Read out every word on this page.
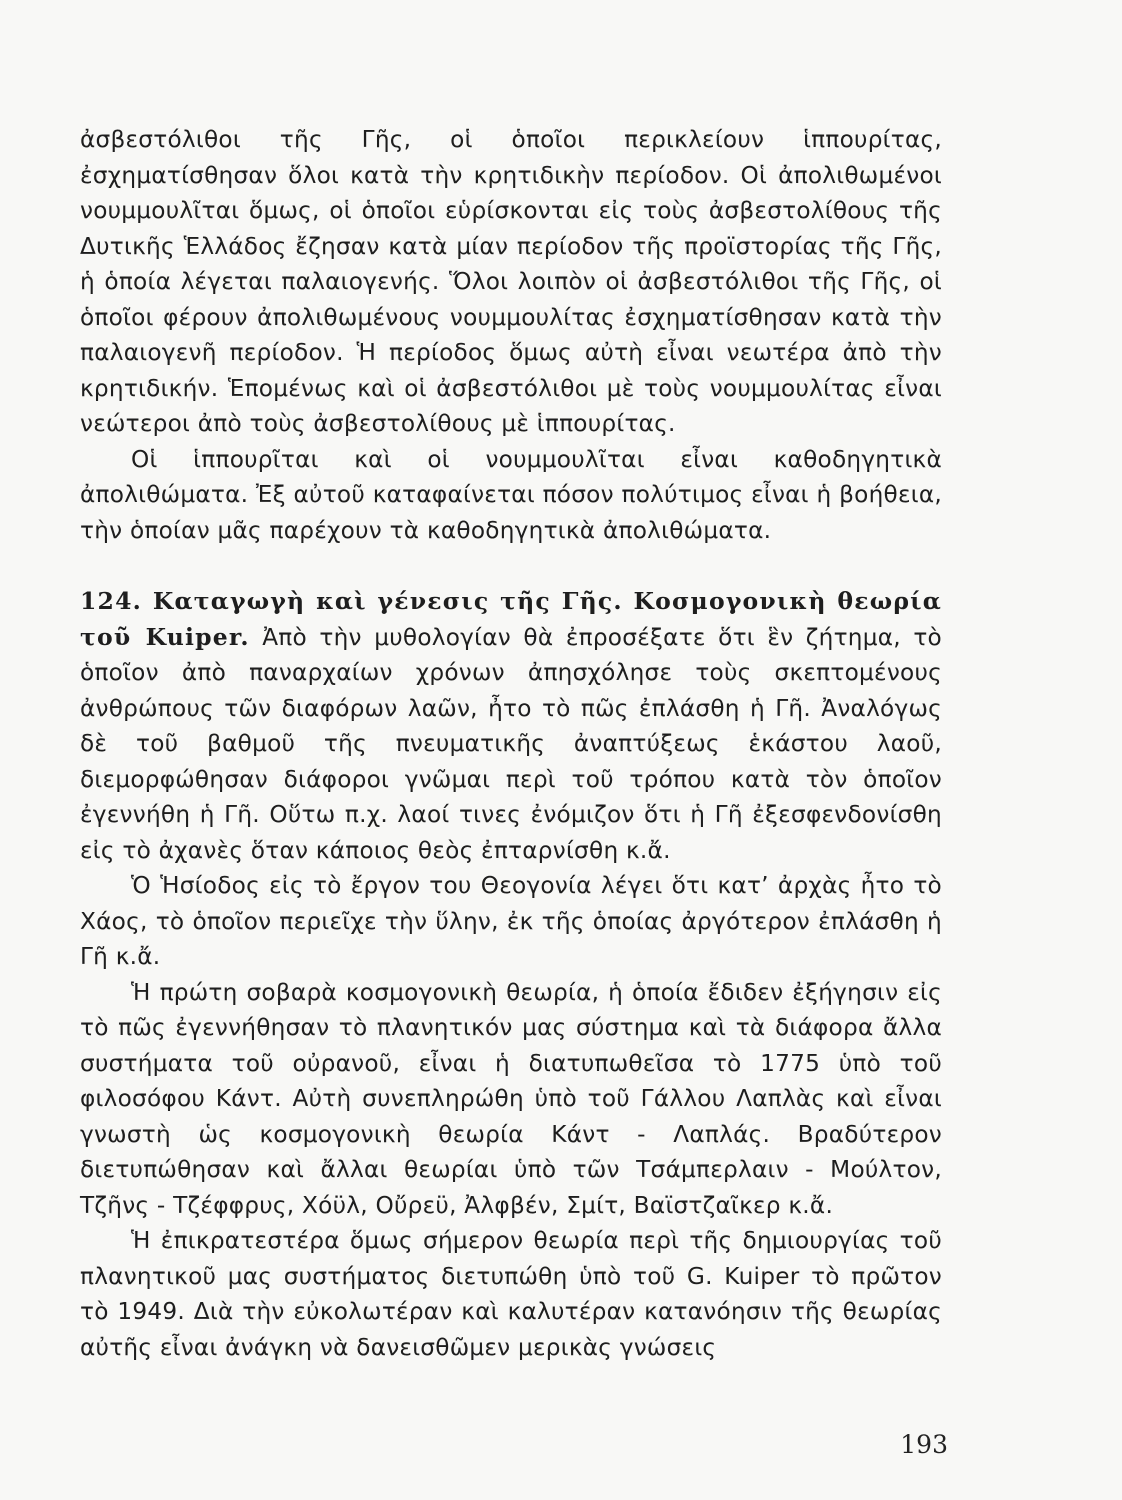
ἀσβεστόλιθοι τῆς Γῆς, οἱ ὁποῖοι περικλείουν ἱππουρίτας, ἐσχηματίσθησαν ὅλοι κατὰ τὴν κρητιδικὴν περίοδον. Οἱ ἀπολιθωμένοι νουμμουλῖται ὅμως, οἱ ὁποῖοι εὑρίσκονται εἰς τοὺς ἀσβεστολίθους τῆς Δυτικῆς Ἑλλάδος ἔζησαν κατὰ μίαν περίοδον τῆς προϊστορίας τῆς Γῆς, ἡ ὁποία λέγεται παλαιογενής. Ὅλοι λοιπὸν οἱ ἀσβεστόλιθοι τῆς Γῆς, οἱ ὁποῖοι φέρουν ἀπολιθωμένους νουμμουλίτας ἐσχηματίσθησαν κατὰ τὴν παλαιογενῆ περίοδον. Ἡ περίοδος ὅμως αὐτὴ εἶναι νεωτέρα ἀπὸ τὴν κρητιδικήν. Ἑπομένως καὶ οἱ ἀσβεστόλιθοι μὲ τοὺς νουμμουλίτας εἶναι νεώτεροι ἀπὸ τοὺς ἀσβεστολίθους μὲ ἱππουρίτας.

Οἱ ἱππουρῖται καὶ οἱ νουμμουλῖται εἶναι καθοδηγητικὰ ἀπολιθώματα. Ἐξ αὐτοῦ καταφαίνεται πόσον πολύτιμος εἶναι ἡ βοήθεια, τὴν ὁποίαν μᾶς παρέχουν τὰ καθοδηγητικὰ ἀπολιθώματα.

124. Καταγωγὴ καὶ γένεσις τῆς Γῆς. Κοσμογονικὴ θεωρία τοῦ Kuiper. Ἀπὸ τὴν μυθολογίαν θὰ ἐπροσέξατε ὅτι ἓν ζήτημα, τὸ ὁποῖον ἀπὸ παναρχαίων χρόνων ἀπησχόλησε τοὺς σκεπτομένους ἀνθρώπους τῶν διαφόρων λαῶν, ἦτο τὸ πῶς ἐπλάσθη ἡ Γῆ. Ἀναλόγως δὲ τοῦ βαθμοῦ τῆς πνευματικῆς ἀναπτύξεως ἑκάστου λαοῦ, διεμορφώθησαν διάφοροι γνῶμαι περὶ τοῦ τρόπου κατὰ τὸν ὁποῖον ἐγεννήθη ἡ Γῆ. Οὕτω π.χ. λαοί τινες ἐνόμιζον ὅτι ἡ Γῆ ἐξεσφενδονίσθη εἰς τὸ ἀχανὲς ὅταν κάποιος θεὸς ἐπταρνίσθη κ.ἄ.

Ὁ Ἡσίοδος εἰς τὸ ἔργον του Θεογονία λέγει ὅτι κατ’ ἀρχὰς ἦτο τὸ Χάος, τὸ ὁποῖον περιεῖχε τὴν ὕλην, ἐκ τῆς ὁποίας ἀργότερον ἐπλάσθη ἡ Γῆ κ.ἄ.

Ἡ πρώτη σοβαρὰ κοσμογονικὴ θεωρία, ἡ ὁποία ἔδιδεν ἐξήγησιν εἰς τὸ πῶς ἐγεννήθησαν τὸ πλανητικόν μας σύστημα καὶ τὰ διάφορα ἄλλα συστήματα τοῦ οὐρανοῦ, εἶναι ἡ διατυπωθεῖσα τὸ 1775 ὑπὸ τοῦ φιλοσόφου Κάντ. Αὐτὴ συνεπληρώθη ὑπὸ τοῦ Γάλλου Λαπλὰς καὶ εἶναι γνωστὴ ὡς κοσμογονικὴ θεωρία Κάντ - Λαπλάς. Βραδύτερον διετυπώθησαν καὶ ἄλλαι θεωρίαι ὑπὸ τῶν Τσάμπερλαιν - Μούλτον, Τζῆνς - Τζέφφρυς, Χόϋλ, Οὔρεϋ, Ἀλφβέν, Σμίτ, Βαϊστζαῖκερ κ.ἄ.

Ἡ ἐπικρατεστέρα ὅμως σήμερον θεωρία περὶ τῆς δημιουργίας τοῦ πλανητικοῦ μας συστήματος διετυπώθη ὑπὸ τοῦ G. Kuiper τὸ πρῶτον τὸ 1949. Διὰ τὴν εὐκολωτέραν καὶ καλυτέραν κατανόησιν τῆς θεωρίας αὐτῆς εἶναι ἀνάγκη νὰ δανεισθῶμεν μερικὰς γνώσεις

193
